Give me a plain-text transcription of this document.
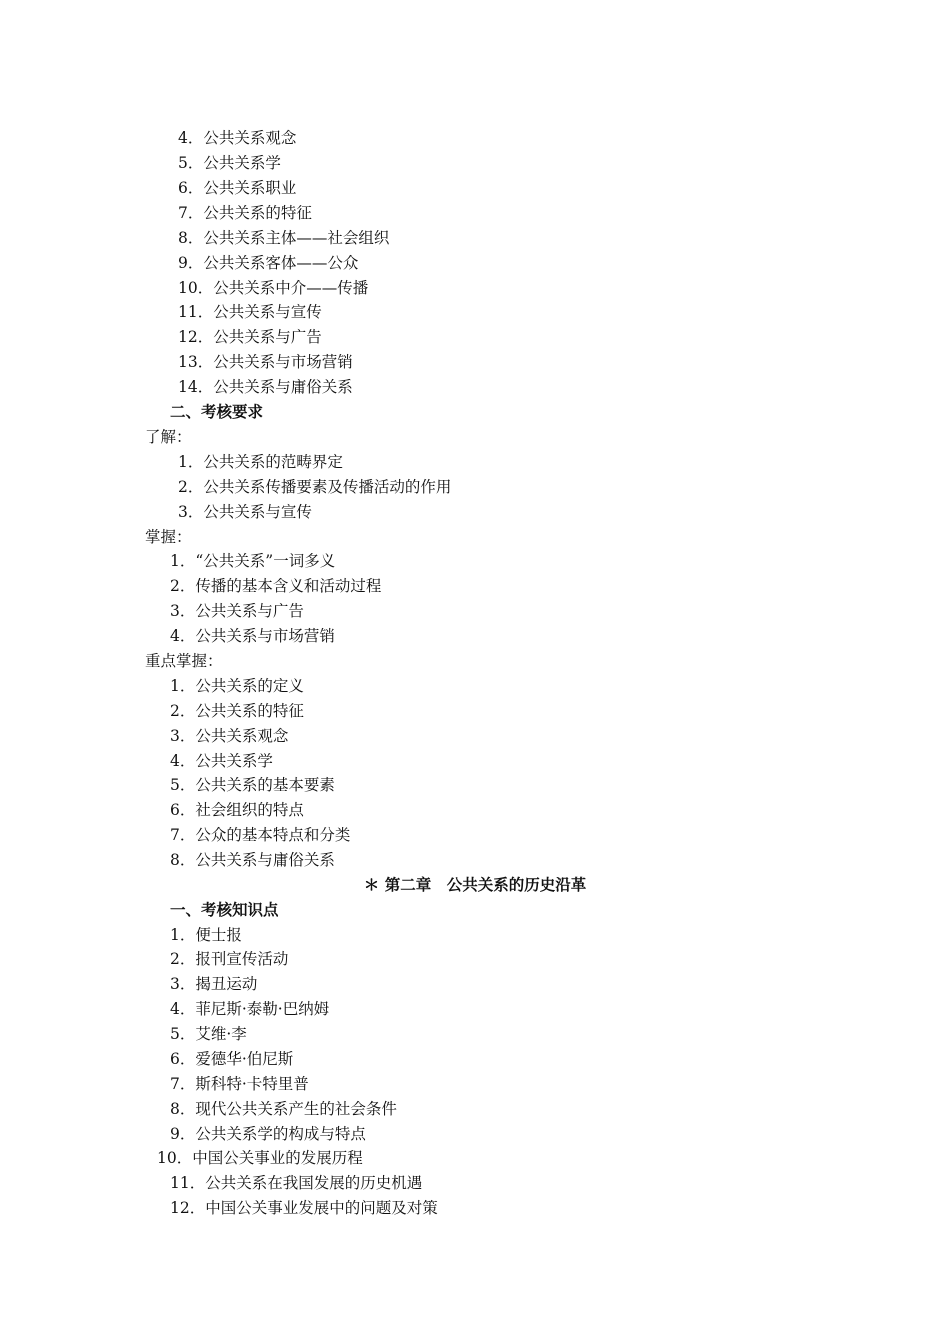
4．公共关系观念
5．公共关系学
6．公共关系职业
7．公共关系的特征
8．公共关系主体——社会组织
9．公共关系客体——公众
10．公共关系中介——传播
11．公共关系与宣传
12．公共关系与广告
13．公共关系与市场营销
14．公共关系与庸俗关系
二、考核要求
了解：
1．公共关系的范畴界定
2．公共关系传播要素及传播活动的作用
3．公共关系与宣传
掌握：
1．“公共关系”一词多义
2．传播的基本含义和活动过程
3．公共关系与广告
4．公共关系与市场营销
重点掌握：
1．公共关系的定义
2．公共关系的特征
3．公共关系观念
4．公共关系学
5．公共关系的基本要素
6．社会组织的特点
7．公众的基本特点和分类
8．公共关系与庸俗关系
＊ 第二章　公共关系的历史沿革
一、考核知识点
1．便士报
2．报刊宣传活动
3．揭丑运动
4．菲尼斯·泰勒·巴纳姆
5．艾维·李
6．爱德华·伯尼斯
7．斯科特·卡特里普
8．现代公共关系产生的社会条件
9．公共关系学的构成与特点
10．中国公关事业的发展历程
11．公共关系在我国发展的历史机遇
12．中国公关事业发展中的问题及对策
